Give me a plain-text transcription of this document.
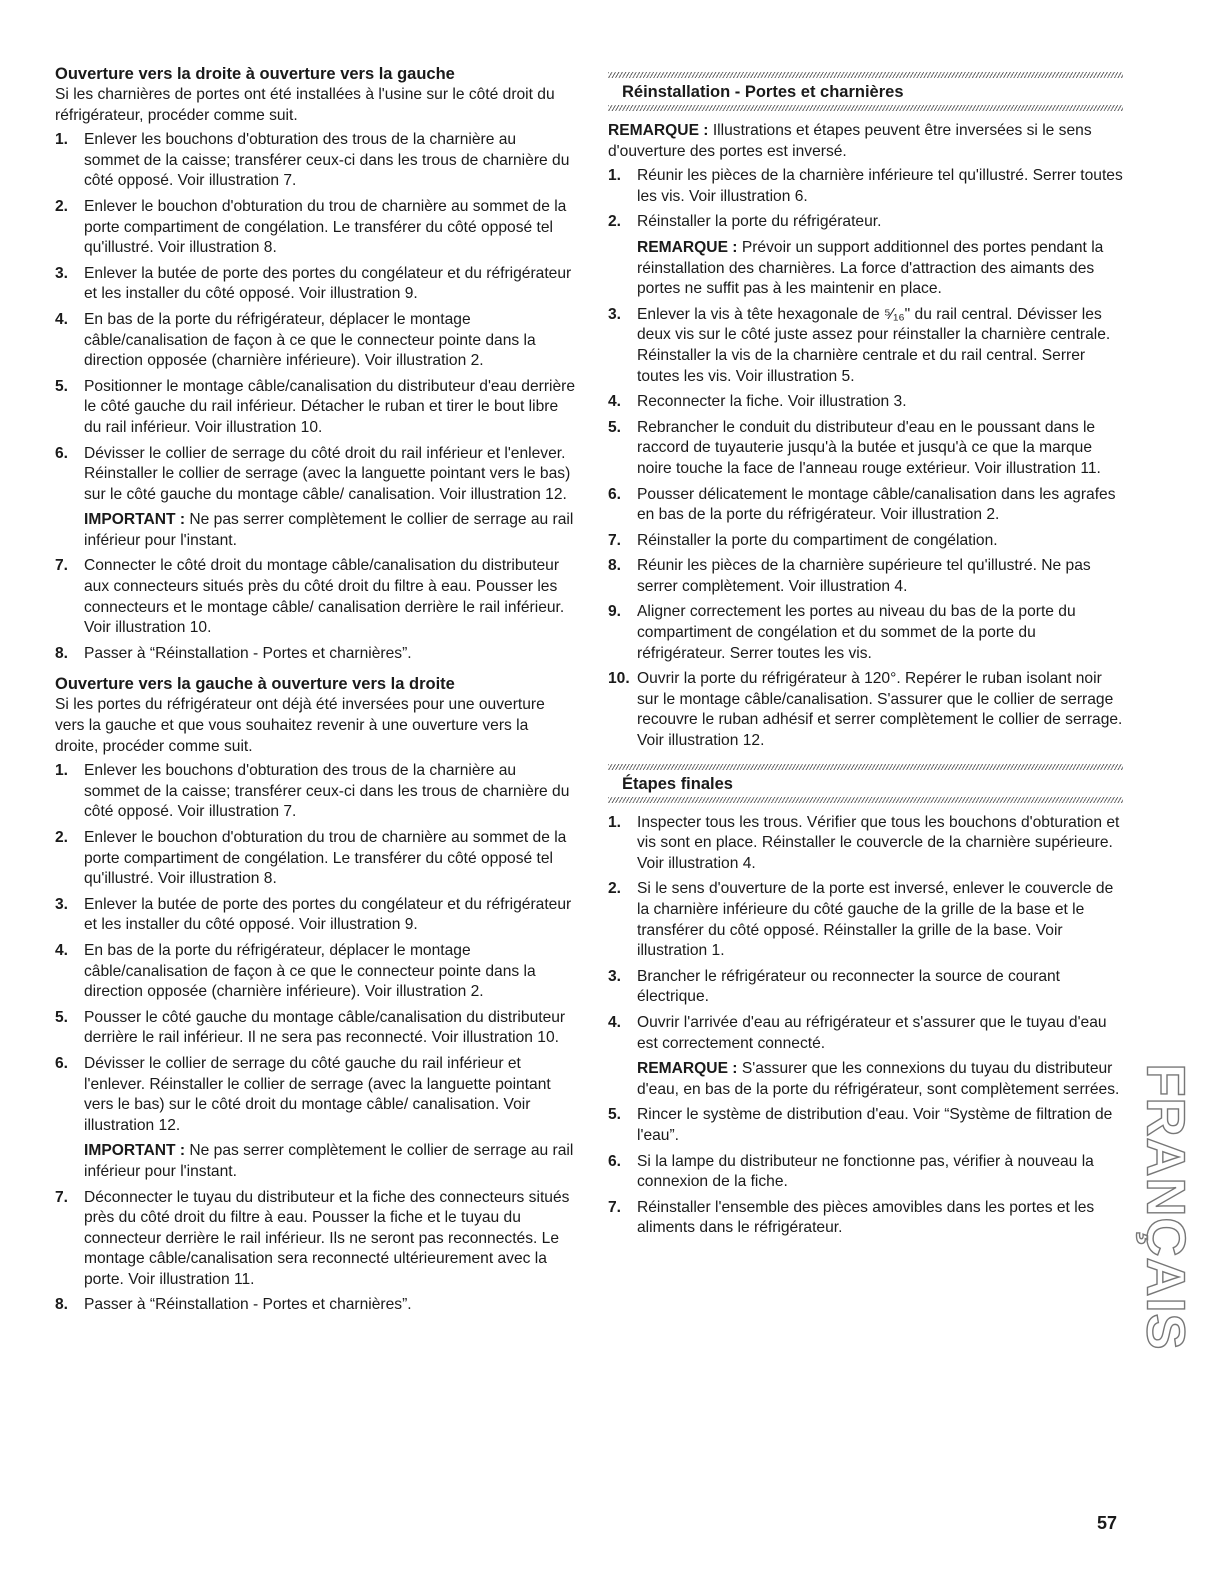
Ouverture vers la droite à ouverture vers la gauche

Si les charnières de portes ont été installées à l'usine sur le côté droit du réfrigérateur, procéder comme suit.

1. Enlever les bouchons d'obturation des trous de la charnière au sommet de la caisse; transférer ceux-ci dans les trous de charnière du côté opposé. Voir illustration 7.
2. Enlever le bouchon d'obturation du trou de charnière au sommet de la porte compartiment de congélation. Le transférer du côté opposé tel qu'illustré. Voir illustration 8.
3. Enlever la butée de porte des portes du congélateur et du réfrigérateur et les installer du côté opposé. Voir illustration 9.
4. En bas de la porte du réfrigérateur, déplacer le montage câble/canalisation de façon à ce que le connecteur pointe dans la direction opposée (charnière inférieure). Voir illustration 2.
5. Positionner le montage câble/canalisation du distributeur d'eau derrière le côté gauche du rail inférieur. Détacher le ruban et tirer le bout libre du rail inférieur. Voir illustration 10.
6. Dévisser le collier de serrage du côté droit du rail inférieur et l'enlever. Réinstaller le collier de serrage (avec la languette pointant vers le bas) sur le côté gauche du montage câble/ canalisation. Voir illustration 12.

IMPORTANT : Ne pas serrer complètement le collier de serrage au rail inférieur pour l'instant.

7. Connecter le côté droit du montage câble/canalisation du distributeur aux connecteurs situés près du côté droit du filtre à eau. Pousser les connecteurs et le montage câble/ canalisation derrière le rail inférieur. Voir illustration 10.
8. Passer à “Réinstallation - Portes et charnières”.
Ouverture vers la gauche à ouverture vers la droite

Si les portes du réfrigérateur ont déjà été inversées pour une ouverture vers la gauche et que vous souhaitez revenir à une ouverture vers la droite, procéder comme suit.

1. Enlever les bouchons d'obturation des trous de la charnière au sommet de la caisse; transférer ceux-ci dans les trous de charnière du côté opposé. Voir illustration 7.
2. Enlever le bouchon d'obturation du trou de charnière au sommet de la porte compartiment de congélation. Le transférer du côté opposé tel qu'illustré. Voir illustration 8.
3. Enlever la butée de porte des portes du congélateur et du réfrigérateur et les installer du côté opposé. Voir illustration 9.
4. En bas de la porte du réfrigérateur, déplacer le montage câble/canalisation de façon à ce que le connecteur pointe dans la direction opposée (charnière inférieure). Voir illustration 2.
5. Pousser le côté gauche du montage câble/canalisation du distributeur derrière le rail inférieur. Il ne sera pas reconnecté. Voir illustration 10.
6. Dévisser le collier de serrage du côté gauche du rail inférieur et l'enlever. Réinstaller le collier de serrage (avec la languette pointant vers le bas) sur le côté droit du montage câble/ canalisation. Voir illustration 12.

IMPORTANT : Ne pas serrer complètement le collier de serrage au rail inférieur pour l'instant.

7. Déconnecter le tuyau du distributeur et la fiche des connecteurs situés près du côté droit du filtre à eau. Pousser la fiche et le tuyau du connecteur derrière le rail inférieur. Ils ne seront pas reconnectés. Le montage câble/canalisation sera reconnecté ultérieurement avec la porte. Voir illustration 11.
8. Passer à “Réinstallation - Portes et charnières”.
Réinstallation - Portes et charnières

REMARQUE : Illustrations et étapes peuvent être inversées si le sens d'ouverture des portes est inversé.

1. Réunir les pièces de la charnière inférieure tel qu'illustré. Serrer toutes les vis. Voir illustration 6.
2. Réinstaller la porte du réfrigérateur.

REMARQUE : Prévoir un support additionnel des portes pendant la réinstallation des charnières. La force d'attraction des aimants des portes ne suffit pas à les maintenir en place.

3. Enlever la vis à tête hexagonale de ⁵⁄₁₆" du rail central. Dévisser les deux vis sur le côté juste assez pour réinstaller la charnière centrale. Réinstaller la vis de la charnière centrale et du rail central. Serrer toutes les vis. Voir illustration 5.
4. Reconnecter la fiche. Voir illustration 3.
5. Rebrancher le conduit du distributeur d'eau en le poussant dans le raccord de tuyauterie jusqu'à la butée et jusqu'à ce que la marque noire touche la face de l'anneau rouge extérieur. Voir illustration 11.
6. Pousser délicatement le montage câble/canalisation dans les agrafes en bas de la porte du réfrigérateur. Voir illustration 2.
7. Réinstaller la porte du compartiment de congélation.
8. Réunir les pièces de la charnière supérieure tel qu'illustré. Ne pas serrer complètement. Voir illustration 4.
9. Aligner correctement les portes au niveau du bas de la porte du compartiment de congélation et du sommet de la porte du réfrigérateur. Serrer toutes les vis.
10. Ouvrir la porte du réfrigérateur à 120°. Repérer le ruban isolant noir sur le montage câble/canalisation. S'assurer que le collier de serrage recouvre le ruban adhésif et serrer complètement le collier de serrage. Voir illustration 12.
Étapes finales
1. Inspecter tous les trous. Vérifier que tous les bouchons d'obturation et vis sont en place. Réinstaller le couvercle de la charnière supérieure. Voir illustration 4.
2. Si le sens d'ouverture de la porte est inversé, enlever le couvercle de la charnière inférieure du côté gauche de la grille de la base et le transférer du côté opposé. Réinstaller la grille de la base. Voir illustration 1.
3. Brancher le réfrigérateur ou reconnecter la source de courant électrique.
4. Ouvrir l'arrivée d'eau au réfrigérateur et s'assurer que le tuyau d'eau est correctement connecté.

REMARQUE : S'assurer que les connexions du tuyau du distributeur d'eau, en bas de la porte du réfrigérateur, sont complètement serrées.

5. Rincer le système de distribution d'eau. Voir “Système de filtration de l'eau”.
6. Si la lampe du distributeur ne fonctionne pas, vérifier à nouveau la connexion de la fiche.
7. Réinstaller l'ensemble des pièces amovibles dans les portes et les aliments dans le réfrigérateur.	FRANÇAIS
57
